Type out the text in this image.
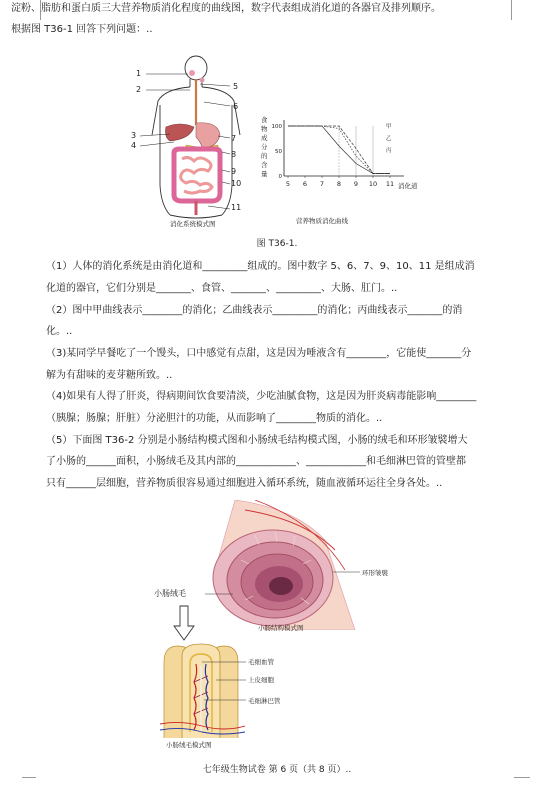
淀粉、脂肪和蛋白质三大营养物质消化程度的曲线图，数字代表组成消化道的各器官及排列顺序。
根据图 T36-1 回答下列问题：..
1
2
3
4
5
6
7
8
9
10
11
消化系统模式图
100
50
0
5 6 7 8 9 10 11
甲
乙
丙
食物成分的含量
消化道
营养物质消化曲线
图 T36-1.
（1）人体的消化系统是由消化道和_________组成的。图中数字 5、6、7、9、10、11 是组成消
化道的器官，它们分别是_______、食管、_______、_________、大肠、肛门。..
（2）图中甲曲线表示________的消化；乙曲线表示_________的消化；丙曲线表示_______的消
化。..
（3)某同学早餐吃了一个馒头，口中感觉有点甜，这是因为唾液含有________，它能使_______分
解为有甜味的麦芽糖所致。..
（4)如果有人得了肝炎，得病期间饮食要清淡，少吃油腻食物，这是因为肝炎病毒能影响________
（胰腺；肠腺；肝脏）分泌胆汁的功能，从而影响了________物质的消化。..
（5）下面图 T36-2 分别是小肠结构模式图和小肠绒毛结构模式图，小肠的绒毛和环形皱襞增大
了小肠的______面积，小肠绒毛及其内部的____________、____________和毛细淋巴管的管壁都
只有______层细胞，营养物质很容易通过细胞进入循环系统，随血液循环运往全身各处。..
环形皱襞
小肠绒毛
小肠结构模式图
毛细血管
上皮细胞
毛细淋巴管
小肠绒毛模式图
七年级生物试卷 第 6 页（共 8 页）..
